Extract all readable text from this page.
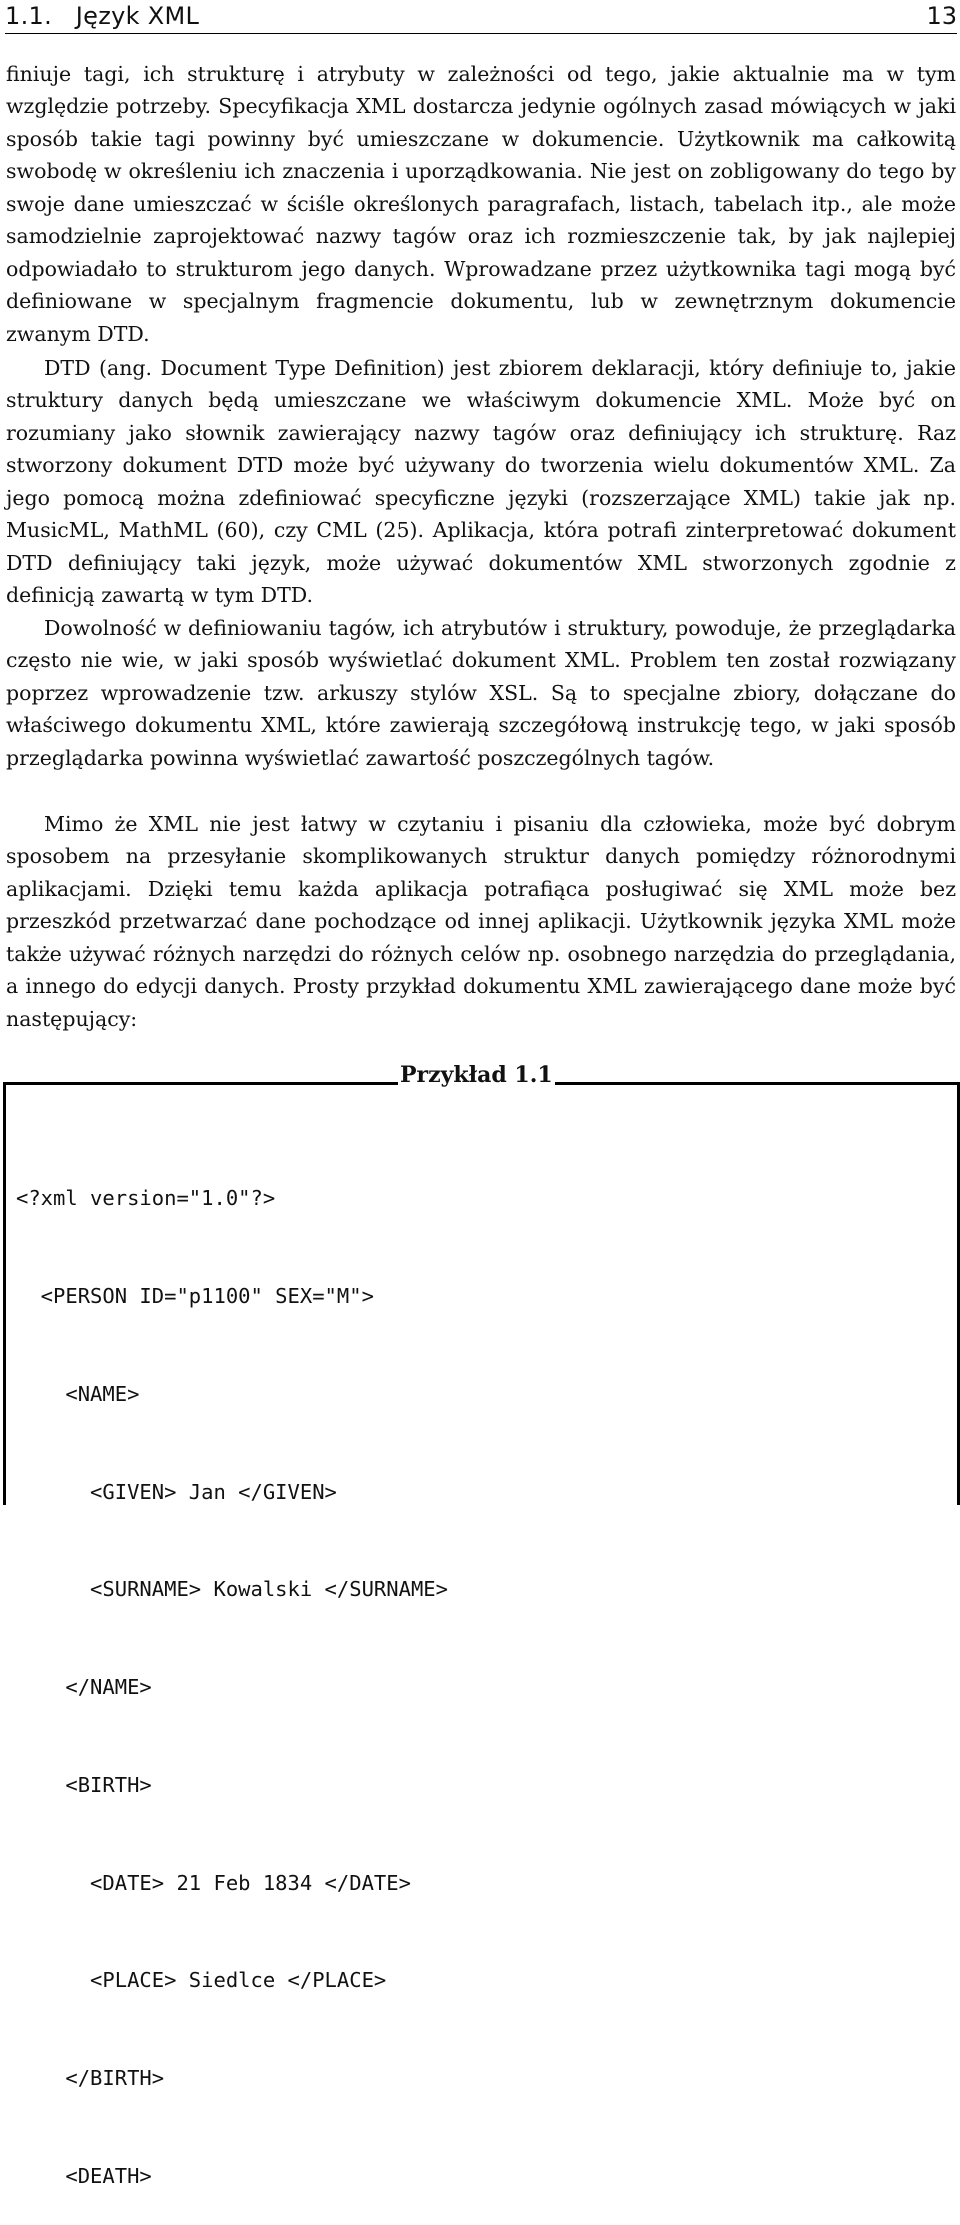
1.1.   Język XML	13

finiuje tagi, ich strukturę i atrybuty w zależności od tego, jakie aktualnie ma w tym względzie potrzeby. Specyfikacja XML dostarcza jedynie ogólnych zasad mówiących w jaki sposób takie tagi powinny być umieszczane w dokumencie. Użytkownik ma całkowitą swobodę w określeniu ich znaczenia i uporządkowania. Nie jest on zobligowany do tego by swoje dane umieszczać w ściśle określonych paragrafach, listach, tabelach itp., ale może samodzielnie zaprojektować nazwy tagów oraz ich rozmieszczenie tak, by jak najlepiej odpowiadało to strukturom jego danych. Wprowadzane przez użytkownika tagi mogą być definiowane w specjalnym fragmencie dokumentu, lub w zewnętrznym dokumencie zwanym DTD.

DTD (ang. Document Type Definition) jest zbiorem deklaracji, który definiuje to, jakie struktury danych będą umieszczane we właściwym dokumencie XML. Może być on rozumiany jako słownik zawierający nazwy tagów oraz definiujący ich strukturę. Raz stworzony dokument DTD może być używany do tworzenia wielu dokumentów XML. Za jego pomocą można zdefiniować specyficzne języki (rozszerzające XML) takie jak np. MusicML, MathML (60), czy CML (25). Aplikacja, która potrafi zinterpretować dokument DTD definiujący taki język, może używać dokumentów XML stworzonych zgodnie z definicją zawartą w tym DTD.

Dowolność w definiowaniu tagów, ich atrybutów i struktury, powoduje, że przeglądarka często nie wie, w jaki sposób wyświetlać dokument XML. Problem ten został rozwiązany poprzez wprowadzenie tzw. arkuszy stylów XSL. Są to specjalne zbiory, dołączane do właściwego dokumentu XML, które zawierają szczegółową instrukcję tego, w jaki sposób przeglądarka powinna wyświetlać zawartość poszczególnych tagów.

Mimo że XML nie jest łatwy w czytaniu i pisaniu dla człowieka, może być dobrym sposobem na przesyłanie skomplikowanych struktur danych pomiędzy różnorodnymi aplikacjami. Dzięki temu każda aplikacja potrafiąca posługiwać się XML może bez przeszkód przetwarzać dane pochodzące od innej aplikacji. Użytkownik języka XML może także używać różnych narzędzi do różnych celów np. osobnego narzędzia do przeglądania, a innego do edycji danych. Prosty przykład dokumentu XML zawierającego dane może być następujący:

Przykład 1.1

<?xml version="1.0"?>

<PERSON ID="p1100" SEX="M">

<NAME>

<GIVEN> Jan </GIVEN>

<SURNAME> Kowalski </SURNAME>

</NAME>

<BIRTH>

<DATE> 21 Feb 1834 </DATE>

<PLACE> Siedlce </PLACE>

</BIRTH>

<DEATH>
